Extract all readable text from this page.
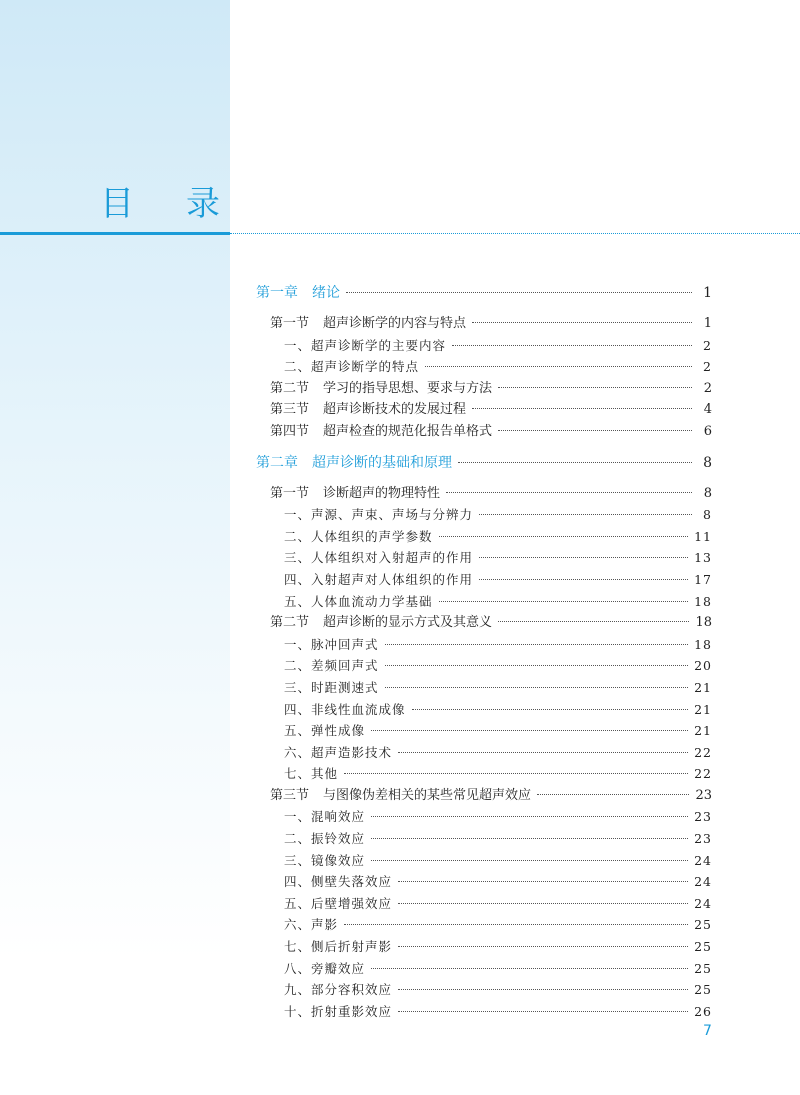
目 录
第一章 绪论	1
第一节 超声诊断学的内容与特点	1
一、超声诊断学的主要内容	2
二、超声诊断学的特点	2
第二节 学习的指导思想、要求与方法	2
第三节 超声诊断技术的发展过程	4
第四节 超声检查的规范化报告单格式	6
第二章 超声诊断的基础和原理	8
第一节 诊断超声的物理特性	8
一、声源、声束、声场与分辨力	8
二、人体组织的声学参数	11
三、人体组织对入射超声的作用	13
四、入射超声对人体组织的作用	17
五、人体血流动力学基础	18
第二节 超声诊断的显示方式及其意义	18
一、脉冲回声式	18
二、差频回声式	20
三、时距测速式	21
四、非线性血流成像	21
五、弹性成像	21
六、超声造影技术	22
七、其他	22
第三节 与图像伪差相关的某些常见超声效应	23
一、混响效应	23
二、振铃效应	23
三、镜像效应	24
四、侧壁失落效应	24
五、后壁增强效应	24
六、声影	25
七、侧后折射声影	25
八、旁瓣效应	25
九、部分容积效应	25
十、折射重影效应	26
7
